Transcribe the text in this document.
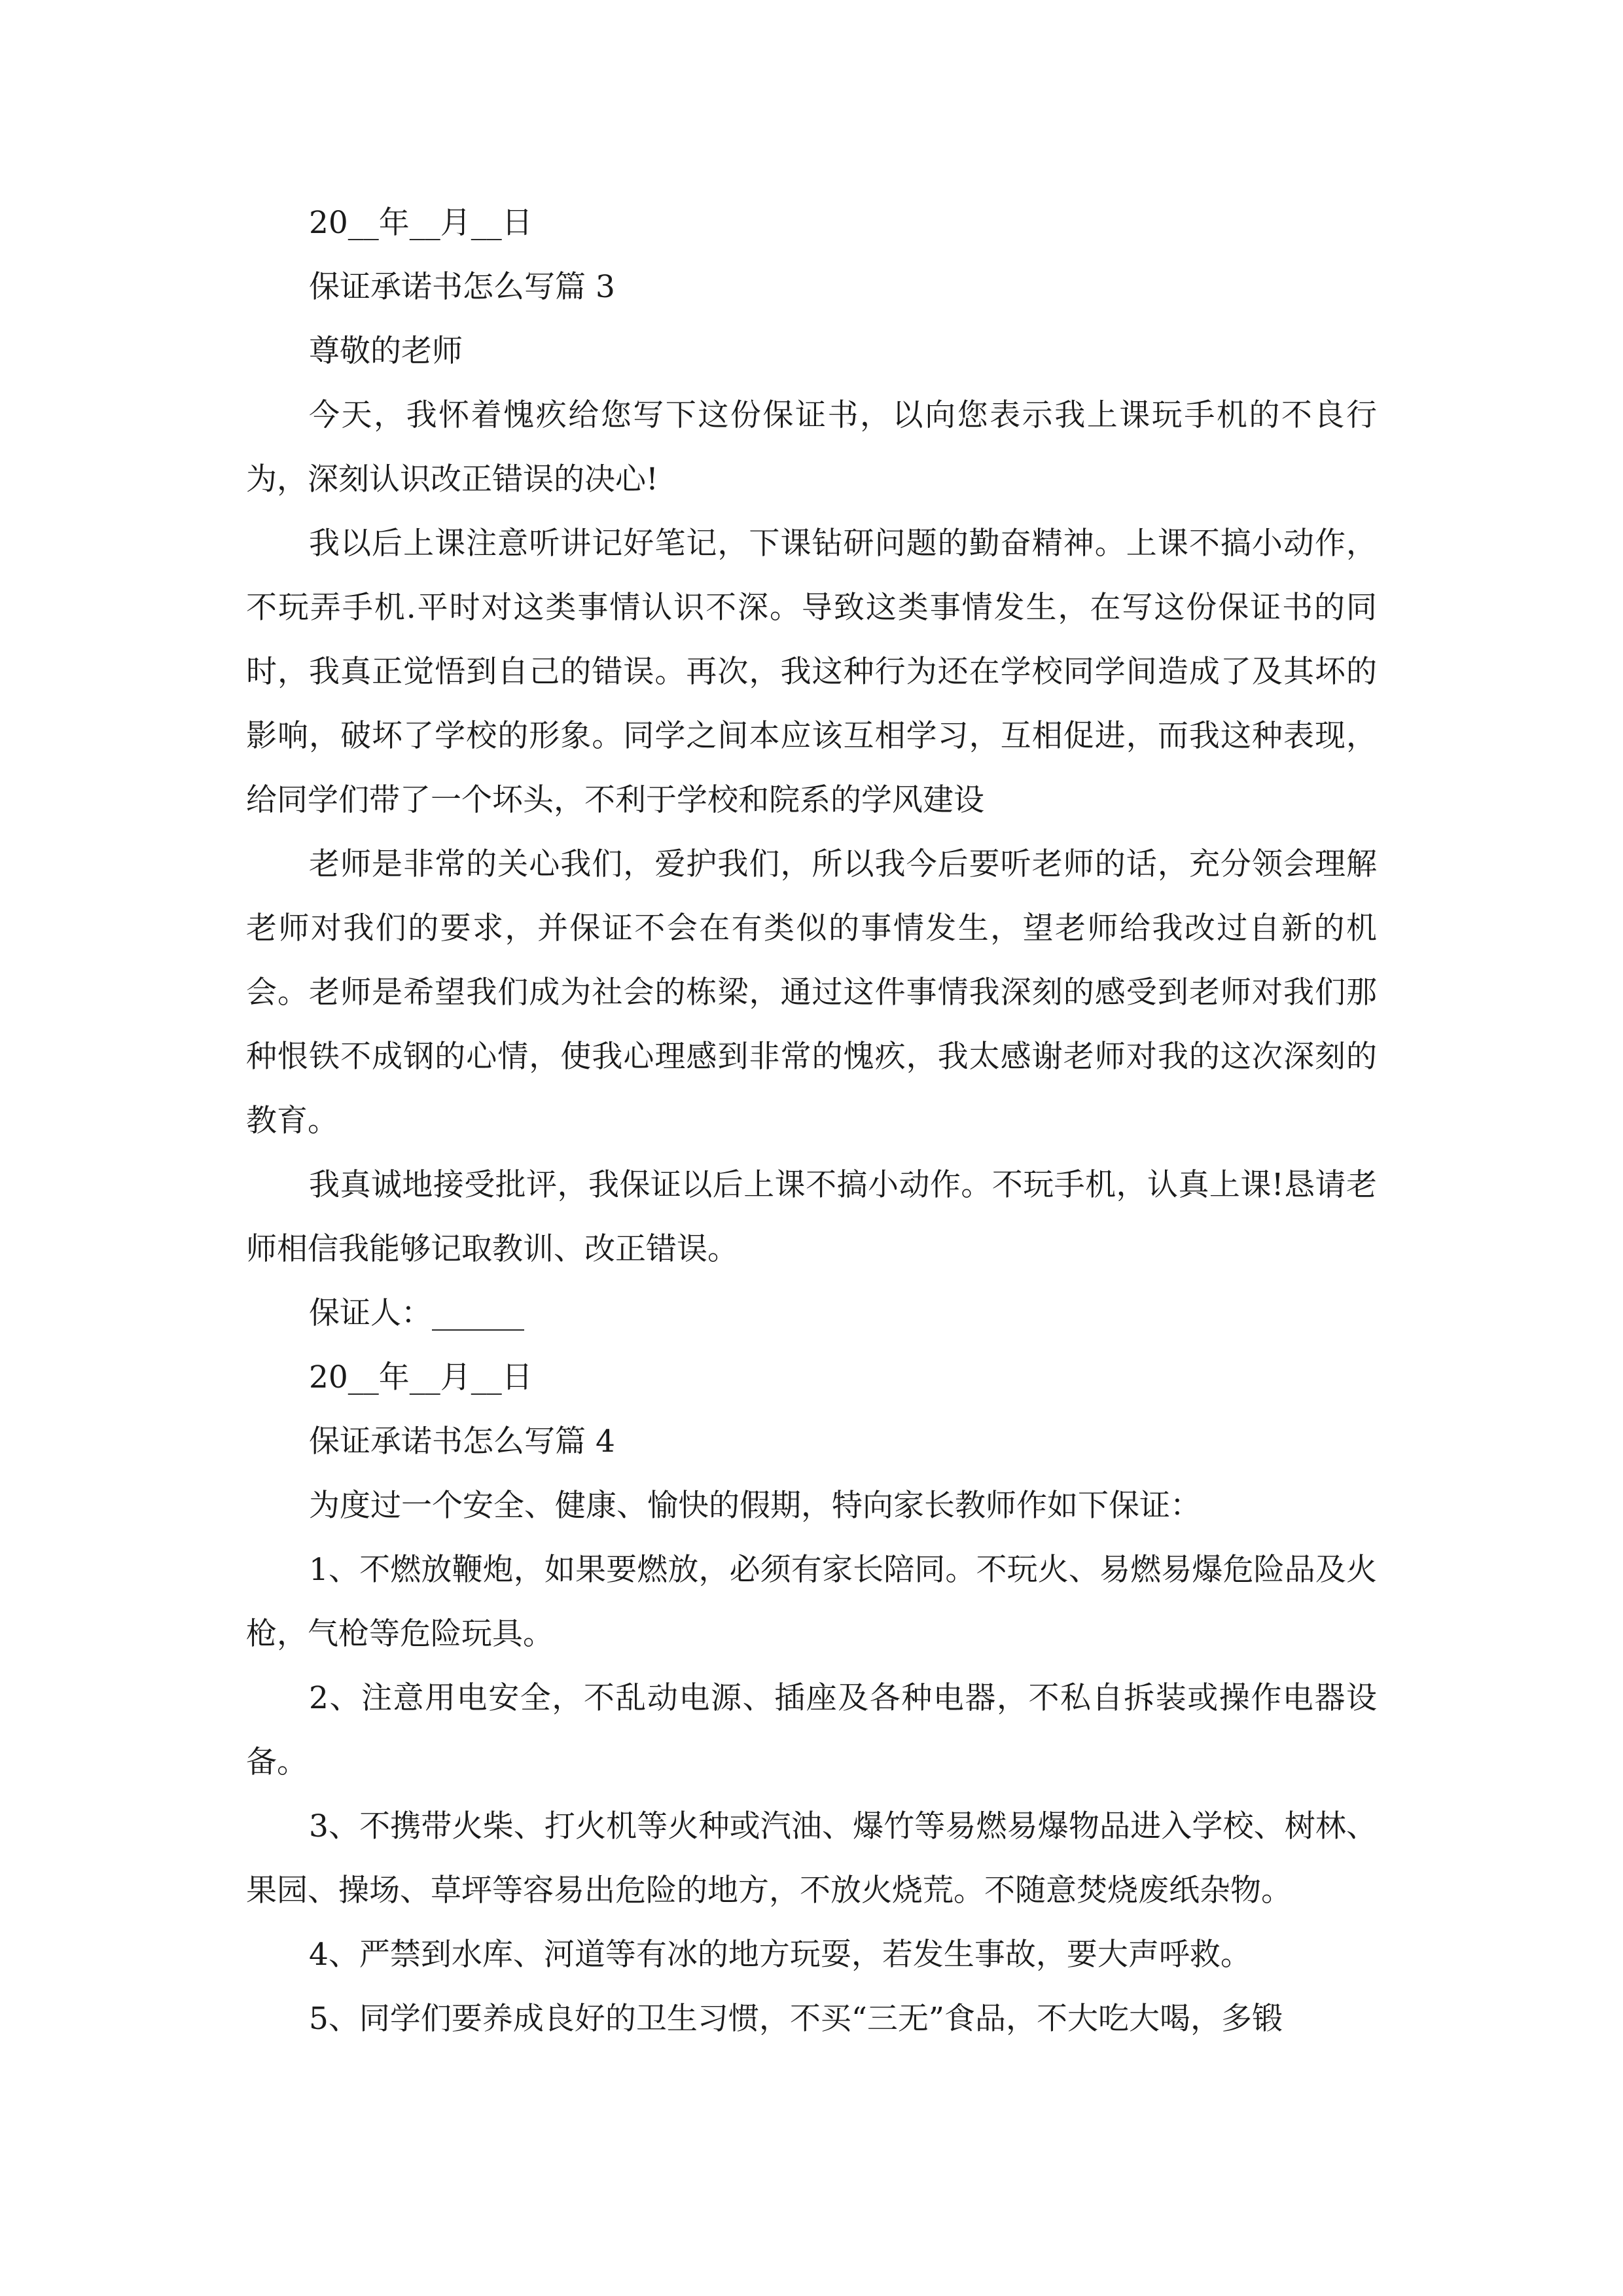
20__年__月__日

保证承诺书怎么写篇 3

尊敬的老师

今天，我怀着愧疚给您写下这份保证书，以向您表示我上课玩手机的不良行为，深刻认识改正错误的决心!

我以后上课注意听讲记好笔记，下课钻研问题的勤奋精神。上课不搞小动作，不玩弄手机.平时对这类事情认识不深。导致这类事情发生，在写这份保证书的同时，我真正觉悟到自己的错误。再次，我这种行为还在学校同学间造成了及其坏的影响，破坏了学校的形象。同学之间本应该互相学习，互相促进，而我这种表现，给同学们带了一个坏头，不利于学校和院系的学风建设

老师是非常的关心我们，爱护我们，所以我今后要听老师的话，充分领会理解老师对我们的要求，并保证不会在有类似的事情发生，望老师给我改过自新的机会。老师是希望我们成为社会的栋梁，通过这件事情我深刻的感受到老师对我们那种恨铁不成钢的心情，使我心理感到非常的愧疚，我太感谢老师对我的这次深刻的教育。

我真诚地接受批评，我保证以后上课不搞小动作。不玩手机，认真上课!恳请老师相信我能够记取教训、改正错误。

保证人：______

20__年__月__日

保证承诺书怎么写篇 4

为度过一个安全、健康、愉快的假期，特向家长教师作如下保证：

1、不燃放鞭炮，如果要燃放，必须有家长陪同。不玩火、易燃易爆危险品及火枪，气枪等危险玩具。

2、注意用电安全，不乱动电源、插座及各种电器，不私自拆装或操作电器设备。

3、不携带火柴、打火机等火种或汽油、爆竹等易燃易爆物品进入学校、树林、果园、操场、草坪等容易出危险的地方，不放火烧荒。不随意焚烧废纸杂物。

4、严禁到水库、河道等有冰的地方玩耍，若发生事故，要大声呼救。

5、同学们要养成良好的卫生习惯，不买“三无”食品，不大吃大喝，多锻
